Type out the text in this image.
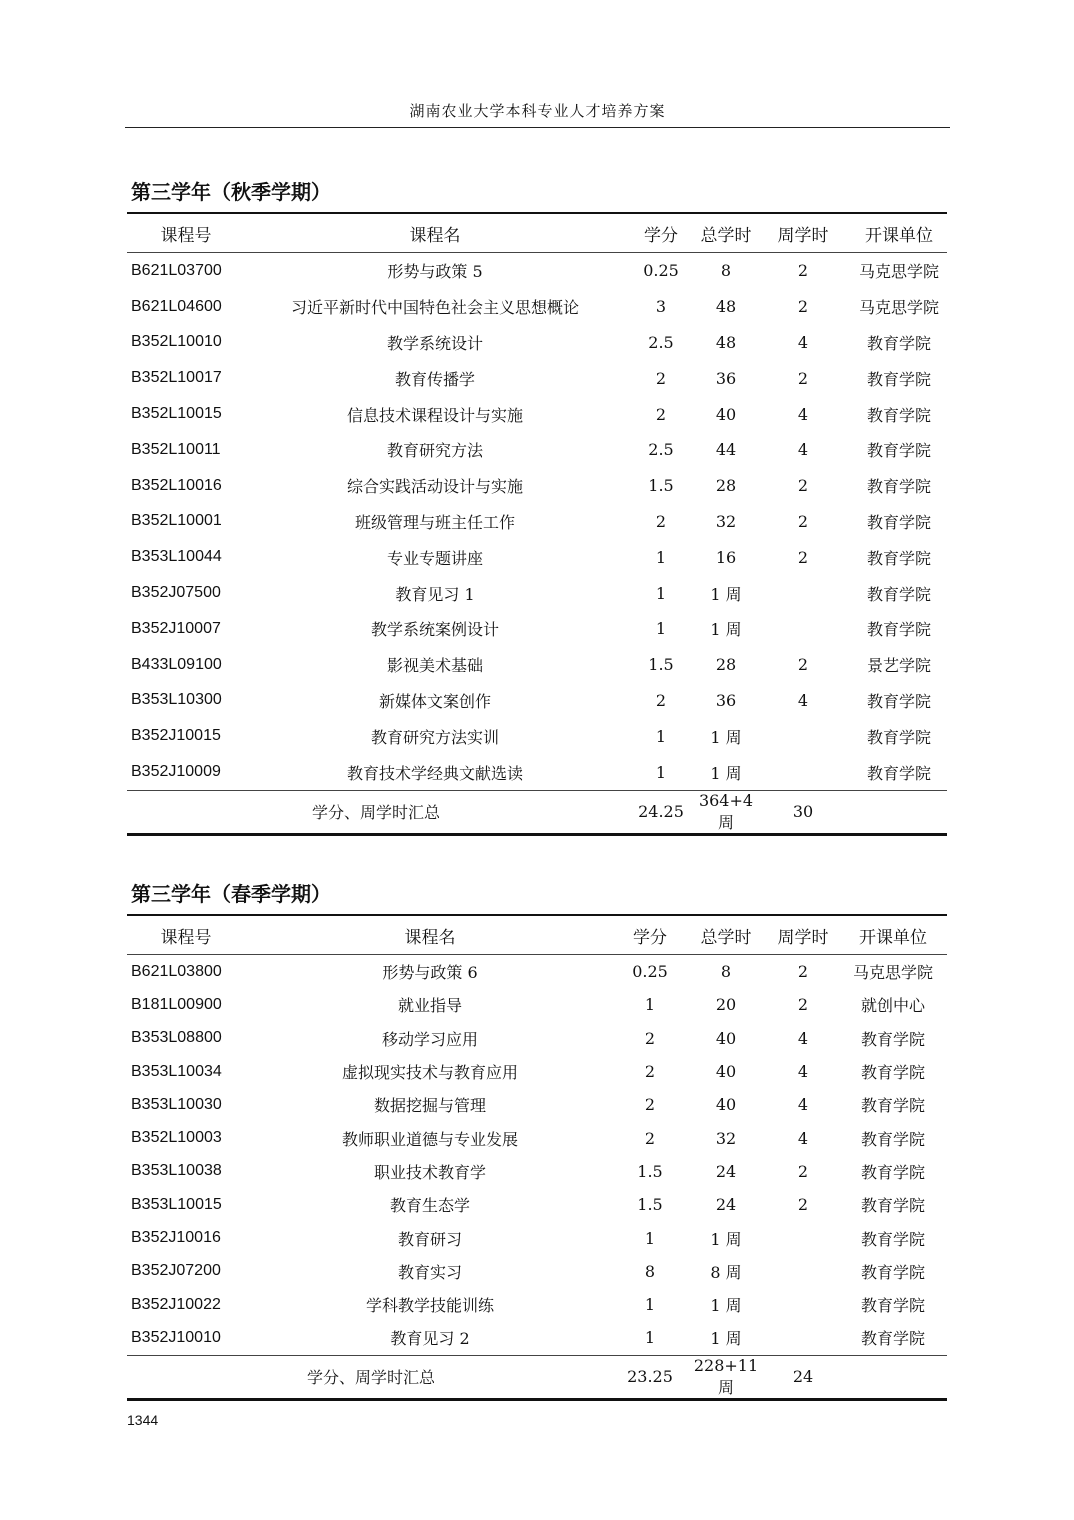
湖南农业大学本科专业人才培养方案
第三学年（秋季学期）
课程号	课程名	学分	总学时	周学时	开课单位
B621L03700	形势与政策 5	0.25	8	2	马克思学院
B621L04600	习近平新时代中国特色社会主义思想概论	3	48	2	马克思学院
B352L10010	教学系统设计	2.5	48	4	教育学院
B352L10017	教育传播学	2	36	2	教育学院
B352L10015	信息技术课程设计与实施	2	40	4	教育学院
B352L10011	教育研究方法	2.5	44	4	教育学院
B352L10016	综合实践活动设计与实施	1.5	28	2	教育学院
B352L10001	班级管理与班主任工作	2	32	2	教育学院
B353L10044	专业专题讲座	1	16	2	教育学院
B352J07500	教育见习 1	1	1 周		教育学院
B352J10007	教学系统案例设计	1	1 周		教育学院
B433L09100	影视美术基础	1.5	28	2	景艺学院
B353L10300	新媒体文案创作	2	36	4	教育学院
B352J10015	教育研究方法实训	1	1 周		教育学院
B352J10009	教育技术学经典文献选读	1	1 周		教育学院
学分、周学时汇总		24.25	364+4 周	30	
第三学年（春季学期）
课程号	课程名	学分	总学时	周学时	开课单位
B621L03800	形势与政策 6	0.25	8	2	马克思学院
B181L00900	就业指导	1	20	2	就创中心
B353L08800	移动学习应用	2	40	4	教育学院
B353L10034	虚拟现实技术与教育应用	2	40	4	教育学院
B353L10030	数据挖掘与管理	2	40	4	教育学院
B352L10003	教师职业道德与专业发展	2	32	4	教育学院
B353L10038	职业技术教育学	1.5	24	2	教育学院
B353L10015	教育生态学	1.5	24	2	教育学院
B352J10016	教育研习	1	1 周		教育学院
B352J07200	教育实习	8	8 周		教育学院
B352J10022	学科教学技能训练	1	1 周		教育学院
B352J10010	教育见习 2	1	1 周		教育学院
学分、周学时汇总		23.25	228+11 周	24	
1344
